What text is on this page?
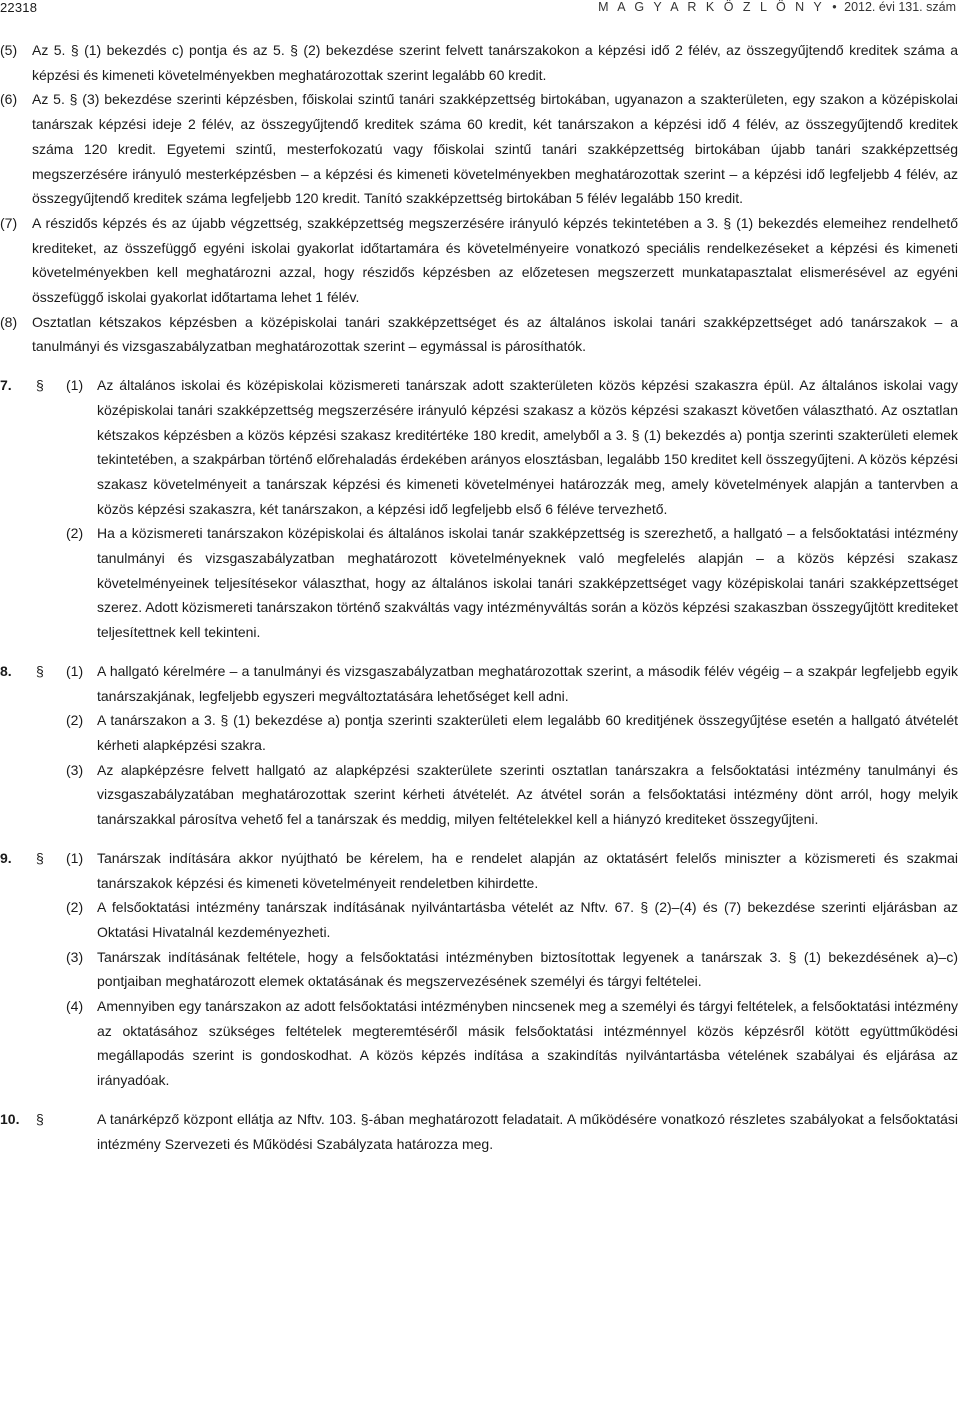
22318	M A G Y A R K Ö Z L Ö N Y • 2012. évi 131. szám
(5)	Az 5. § (1) bekezdés c) pontja és az 5. § (2) bekezdése szerint felvett tanárszakokon a képzési idő 2 félév, az összegyűjtendő kreditek száma a képzési és kimeneti követelményekben meghatározottak szerint legalább 60 kredit.
(6)	Az 5. § (3) bekezdése szerinti képzésben, főiskolai szintű tanári szakképzettség birtokában, ugyanazon a szakterületen, egy szakon a középiskolai tanárszak képzési ideje 2 félév, az összegyűjtendő kreditek száma 60 kredit, két tanárszakon a képzési idő 4 félév, az összegyűjtendő kreditek száma 120 kredit. Egyetemi szintű, mesterfokozatú vagy főiskolai szintű tanári szakképzettség birtokában újabb tanári szakképzettség megszerzésére irányuló mesterképzésben – a képzési és kimeneti követelményekben meghatározottak szerint – a képzési idő legfeljebb 4 félév, az összegyűjtendő kreditek száma legfeljebb 120 kredit. Tanító szakképzettség birtokában 5 félév legalább 150 kredit.
(7)	A részidős képzés és az újabb végzettség, szakképzettség megszerzésére irányuló képzés tekintetében a 3. § (1) bekezdés elemeihez rendelhető krediteket, az összefüggő egyéni iskolai gyakorlat időtartamára és követelményeire vonatkozó speciális rendelkezéseket a képzési és kimeneti követelményekben kell meghatározni azzal, hogy részidős képzésben az előzetesen megszerzett munkatapasztalat elismerésével az egyéni összefüggő iskolai gyakorlat időtartama lehet 1 félév.
(8)	Osztatlan kétszakos képzésben a középiskolai tanári szakképzettséget és az általános iskolai tanári szakképzettséget adó tanárszakok – a tanulmányi és vizsgaszabályzatban meghatározottak szerint – egymással is párosíthatók.
7.	§	(1) Az általános iskolai és középiskolai közismereti tanárszak adott szakterületen közös képzési szakaszra épül. Az általános iskolai vagy középiskolai tanári szakképzettség megszerzésére irányuló képzési szakasz a közös képzési szakaszt követően választható. Az osztatlan kétszakos képzésben a közös képzési szakasz kreditértéke 180 kredit, amelyből a 3. § (1) bekezdés a) pontja szerinti szakterületi elemek tekintetében, a szakpárban történő előrehaladás érdekében arányos elosztásban, legalább 150 kreditet kell összegyűjteni. A közös képzési szakasz követelményeit a tanárszak képzési és kimeneti követelményei határozzák meg, amely követelmények alapján a tantervben a közös képzési szakaszra, két tanárszakon, a képzési idő legfeljebb első 6 féléve tervezhető.
(2) Ha a közismereti tanárszakon középiskolai és általános iskolai tanár szakképzettség is szerezhető, a hallgató – a felsőoktatási intézmény tanulmányi és vizsgaszabályzatban meghatározott követelményeknek való megfelelés alapján – a közös képzési szakasz követelményeinek teljesítésekor választhat, hogy az általános iskolai tanári szakképzettséget vagy középiskolai tanári szakképzettséget szerez. Adott közismereti tanárszakon történő szakváltás vagy intézményváltás során a közös képzési szakaszban összegyűjtött krediteket teljesítettnek kell tekinteni.
8.	§	(1) A hallgató kérelmére – a tanulmányi és vizsgaszabályzatban meghatározottak szerint, a második félév végéig – a szakpár legfeljebb egyik tanárszakjának, legfeljebb egyszeri megváltoztatására lehetőséget kell adni.
(2) A tanárszakon a 3. § (1) bekezdése a) pontja szerinti szakterületi elem legalább 60 kreditjének összegyűjtése esetén a hallgató átvételét kérheti alapképzési szakra.
(3) Az alapképzésre felvett hallgató az alapképzési szakterülete szerinti osztatlan tanárszakra a felsőoktatási intézmény tanulmányi és vizsgaszabályzatában meghatározottak szerint kérheti átvételét. Az átvétel során a felsőoktatási intézmény dönt arról, hogy melyik tanárszakkal párosítva vehető fel a tanárszak és meddig, milyen feltételekkel kell a hiányzó krediteket összegyűjteni.
9.	§	(1) Tanárszak indítására akkor nyújtható be kérelem, ha e rendelet alapján az oktatásért felelős miniszter a közismereti és szakmai tanárszakok képzési és kimeneti követelményeit rendeletben kihirdette.
(2) A felsőoktatási intézmény tanárszak indításának nyilvántartásba vételét az Nftv. 67. § (2)–(4) és (7) bekezdése szerinti eljárásban az Oktatási Hivatalnál kezdeményezheti.
(3) Tanárszak indításának feltétele, hogy a felsőoktatási intézményben biztosítottak legyenek a tanárszak 3. § (1) bekezdésének a)–c) pontjaiban meghatározott elemek oktatásának és megszervezésének személyi és tárgyi feltételei.
(4) Amennyiben egy tanárszakon az adott felsőoktatási intézményben nincsenek meg a személyi és tárgyi feltételek, a felsőoktatási intézmény az oktatásához szükséges feltételek megteremtéséről másik felsőoktatási intézménnyel közös képzésről kötött együttműködési megállapodás szerint is gondoskodhat. A közös képzés indítása a szakindítás nyilvántartásba vételének szabályai és eljárása az irányadóak.
10.	§	A tanárképző központ ellátja az Nftv. 103. §-ában meghatározott feladatait. A működésére vonatkozó részletes szabályokat a felsőoktatási intézmény Szervezeti és Működési Szabályzata határozza meg.
